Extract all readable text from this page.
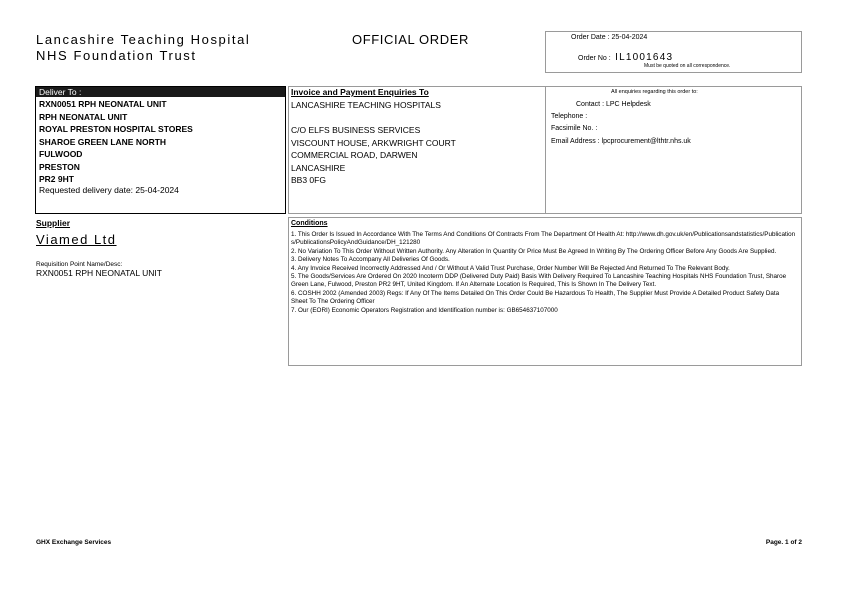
Lancashire Teaching Hospital
NHS Foundation Trust
OFFICIAL ORDER	Order Date : 25-04-2024
Order No : IL1001643
Must be quoted on all correspondence.
Deliver To :
RXN0051 RPH NEONATAL UNIT
RPH NEONATAL UNIT
ROYAL PRESTON HOSPITAL STORES
SHAROE GREEN LANE NORTH
FULWOOD
PRESTON
PR2 9HT
Requested delivery date: 25-04-2024
Invoice and Payment Enquiries To
LANCASHIRE TEACHING HOSPITALS
C/O ELFS BUSINESS SERVICES
VISCOUNT HOUSE, ARKWRIGHT COURT
COMMERCIAL ROAD, DARWEN
LANCASHIRE
BB3 0FG
All enquiries regarding this order to:
Contact : LPC Helpdesk
Telephone :
Facsimile No. :
Email Address : lpcprocurement@lthtr.nhs.uk
Supplier
Viamed Ltd
Requisition Point Name/Desc:
RXN0051 RPH NEONATAL UNIT
Conditions
1. This Order Is Issued In Accordance With The Terms And Conditions Of Contracts From The Department Of Health At: http://www.dh.gov.uk/en/Publicationsandstatistics/Publications/PublicationsPolicyAndGuidance/DH_121280
2. No Variation To This Order Without Written Authority. Any Alteration In Quantity Or Price Must Be Agreed In Writing By The Ordering Officer Before Any Goods Are Supplied.
3. Delivery Notes To Accompany All Deliveries Of Goods.
4. Any Invoice Received Incorrectly Addressed And / Or Without A Valid Trust Purchase, Order Number Will Be Rejected And Returned To The Relevant Body.
5. The Goods/Services Are Ordered On 2020 Incoterm DDP (Delivered Duty Paid) Basis With Delivery Required To Lancashire Teaching Hospitals NHS Foundation Trust, Sharoe Green Lane, Fulwood, Preston PR2 9HT, United Kingdom. If An Alternate Location Is Required, This Is Shown In The Delivery Text.
6. COSHH 2002 (Amended 2003) Regs: If Any Of The Items Detailed On This Order Could Be Hazardous To Health, The Supplier Must Provide A Detailed Product Safety Data Sheet To The Ordering Officer
7. Our (EORI) Economic Operators Registration and Identification number is: GB654637107000
GHX Exchange Services	Page. 1 of 2
